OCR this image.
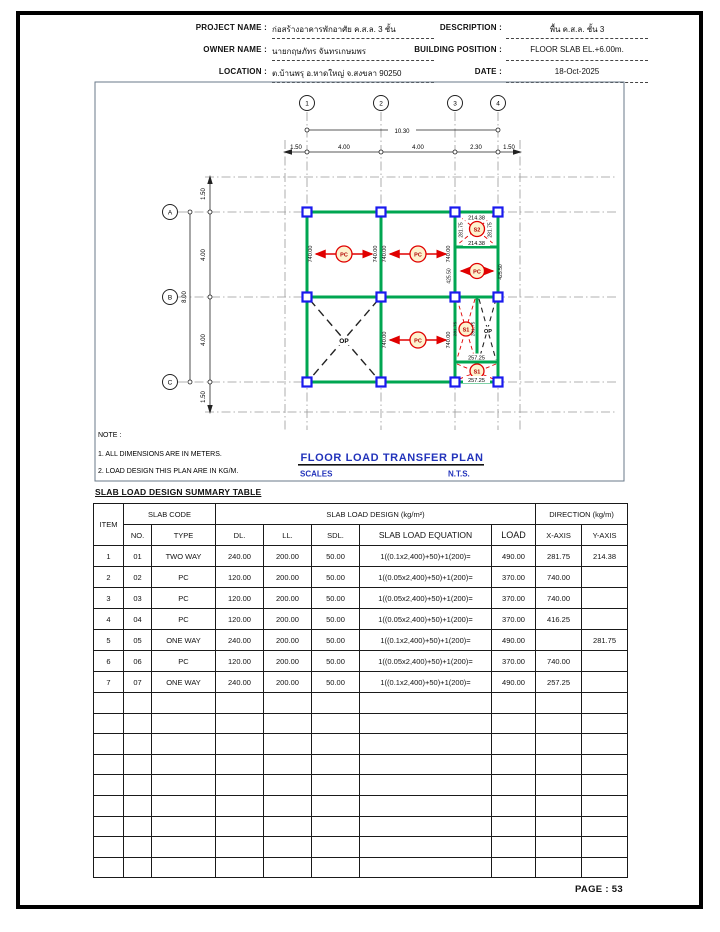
PROJECT NAME : ก่อสร้างอาคารพักอาศัย ค.ส.ล. 3 ชั้น
OWNER NAME : นายกฤษภัทร จันทรเกษมพร
LOCATION : ต.บ้านพรุ อ.หาดใหญ่ จ.สงขลา 90250
DESCRIPTION :	พื้น ค.ส.ล. ชั้น 3
BUILDING POSITION :	FLOOR SLAB EL.+6.00m.
DATE :	18-Oct-2025
1	2	3	4
A
B
C
10.30
1.50	4.00	4.00	2.30	1.50
8.00
1.50
4.00
4.00
1.50
PC	PC
PC
PC
S2
S1
S1
OP
OP
740.00	740.00 740.00	740.00
740.00	740.00
425.50	425.50
281.75	281.75
281.75	281.75
214.38
214.38
257.25
257.25
NOTE :
1. ALL DIMENSIONS ARE IN METERS.
2. LOAD DESIGN THIS PLAN ARE IN KG/M.
FLOOR LOAD TRANSFER PLAN
SCALES	N.T.S.
SLAB LOAD DESIGN SUMMARY TABLE
ITEM	SLAB CODE		SLAB LOAD DESIGN (kg/m²)					DIRECTION (kg/m)	
	NO.	TYPE	DL.	LL.	SDL.	SLAB LOAD EQUATION	LOAD	X-AXIS	Y-AXIS
1	01	TWO WAY	240.00	200.00	50.00	1((0.1x2,400)+50)+1(200)=	490.00	281.75	214.38
2	02	PC	120.00	200.00	50.00	1((0.05x2,400)+50)+1(200)=	370.00	740.00	
3	03	PC	120.00	200.00	50.00	1((0.05x2,400)+50)+1(200)=	370.00	740.00	
4	04	PC	120.00	200.00	50.00	1((0.05x2,400)+50)+1(200)=	370.00	416.25	
5	05	ONE WAY	240.00	200.00	50.00	1((0.1x2,400)+50)+1(200)=	490.00		281.75
6	06	PC	120.00	200.00	50.00	1((0.05x2,400)+50)+1(200)=	370.00	740.00	
7	07	ONE WAY	240.00	200.00	50.00	1((0.1x2,400)+50)+1(200)=	490.00	257.25	

PAGE : 53
